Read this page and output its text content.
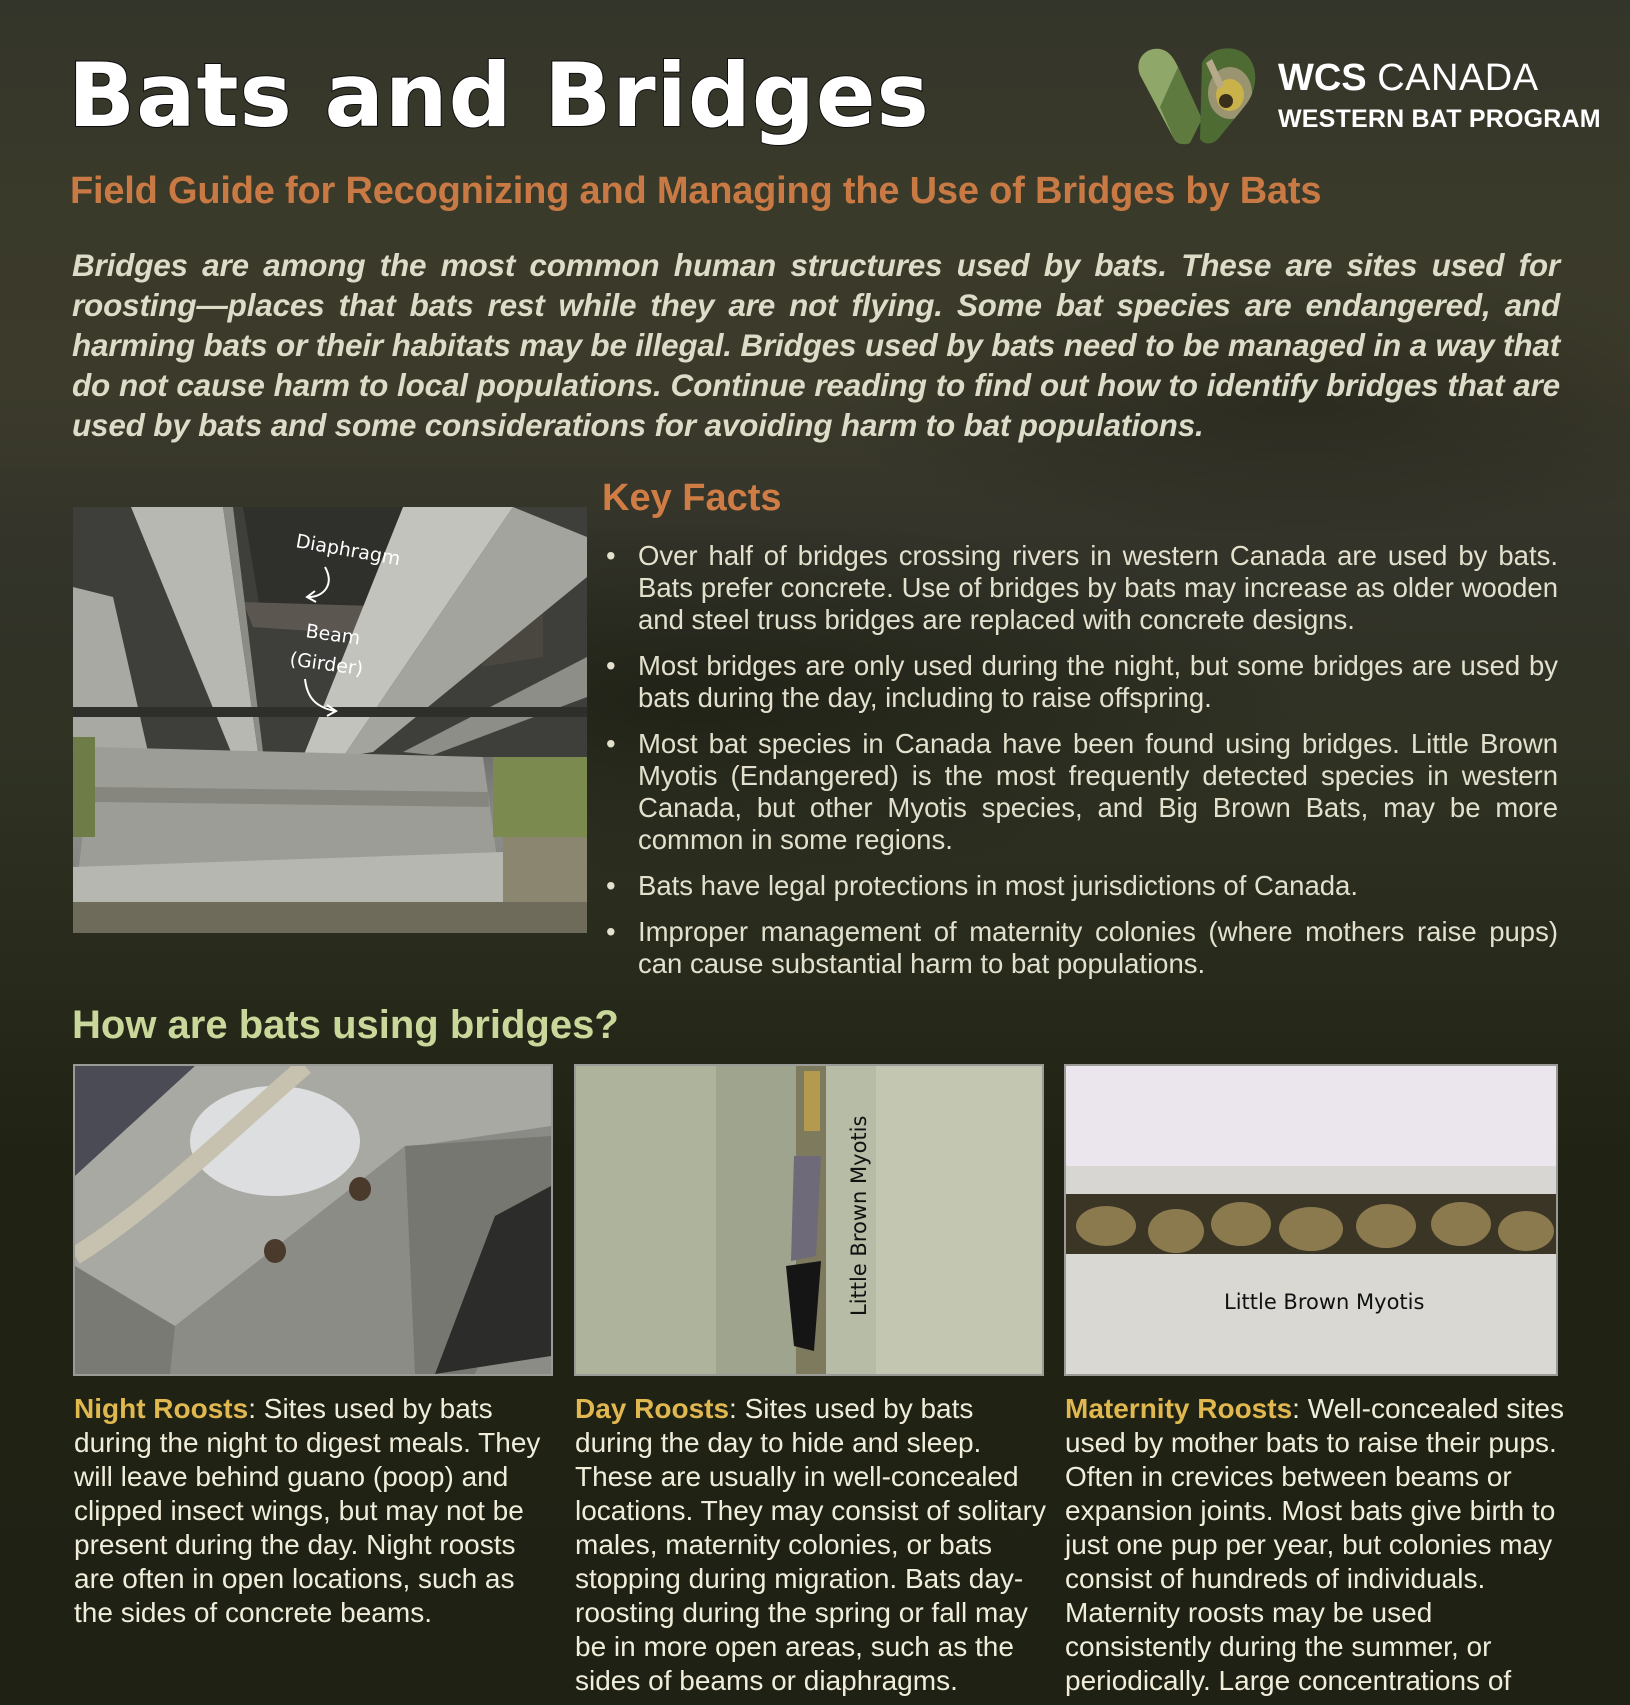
Bats and Bridges
Field Guide for Recognizing and Managing the Use of Bridges by Bats
WCS CANADA
WESTERN BAT PROGRAM

Bridges are among the most common human structures used by bats. These are sites used for roosting—places that bats rest while they are not flying. Some bat species are endangered, and harming bats or their habitats may be illegal. Bridges used by bats need to be managed in a way that do not cause harm to local populations. Continue reading to find out how to identify bridges that are used by bats and some considerations for avoiding harm to bat populations.

Diaphragm
Beam
(Girder)
Key Facts
• Over half of bridges crossing rivers in western Canada are used by bats. Bats prefer concrete. Use of bridges by bats may increase as older wooden and steel truss bridges are replaced with concrete designs.
• Most bridges are only used during the night, but some bridges are used by bats during the day, including to raise offspring.
• Most bat species in Canada have been found using bridges. Little Brown Myotis (Endangered) is the most frequently detected species in western Canada, but other Myotis species, and Big Brown Bats, may be more common in some regions.
• Bats have legal protections in most jurisdictions of Canada.
• Improper management of maternity colonies (where mothers raise pups) can cause substantial harm to bat populations.
How are bats using bridges?
Little Brown Myotis	Little Brown Myotis

Night Roosts: Sites used by bats during the night to digest meals. They will leave behind guano (poop) and clipped insect wings, but may not be present during the day. Night roosts are often in open locations, such as the sides of concrete beams.

Day Roosts: Sites used by bats during the day to hide and sleep. These are usually in well-concealed locations. They may consist of solitary males, maternity colonies, or bats stopping during migration. Bats day-roosting during the spring or fall may be in more open areas, such as the sides of beams or diaphragms.

Maternity Roosts: Well-concealed sites used by mother bats to raise their pups. Often in crevices between beams or expansion joints. Most bats give birth to just one pup per year, but colonies may consist of hundreds of individuals. Maternity roosts may be used consistently during the summer, or periodically. Large concentrations of
